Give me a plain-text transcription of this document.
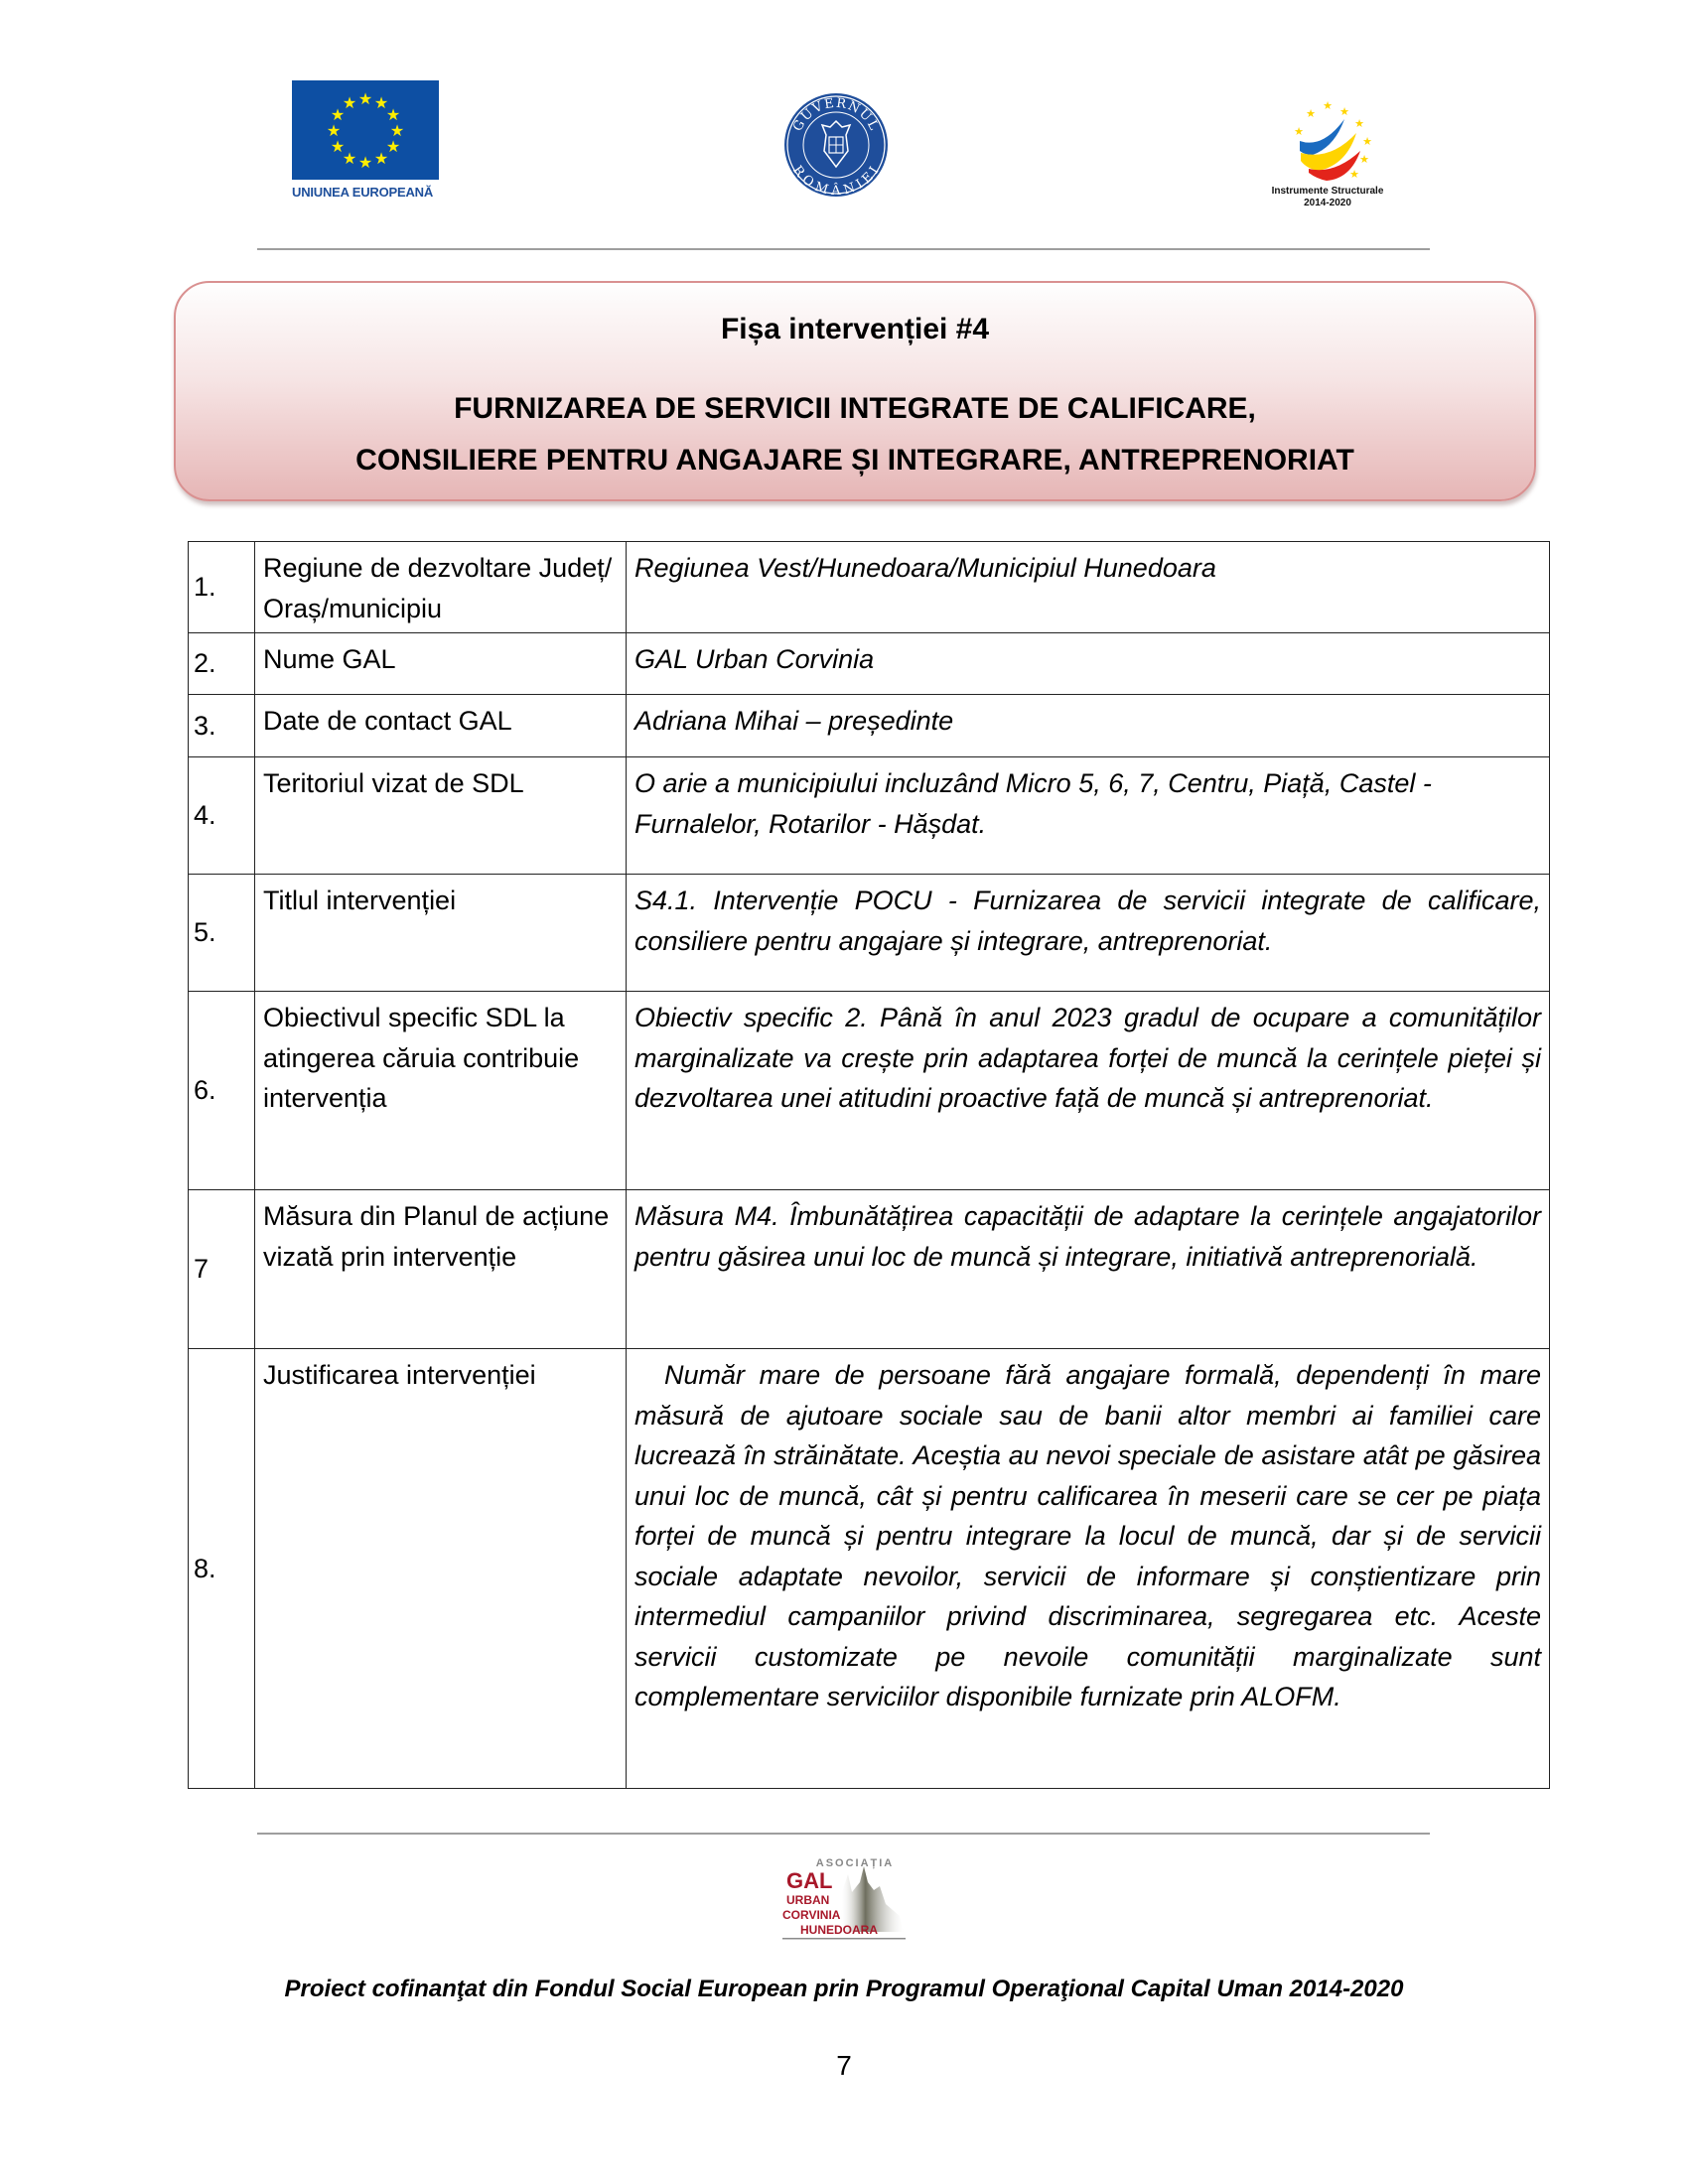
★ ★
★
★
★
★
★
★
★
★
★
★
UNIUNEA EUROPEANĂ
GUVERNUL
ROMÂNIEI
★
★
★ ★
★
★
★
★
Instrumente Structurale
2014-2020
Fișa intervenției #4
FURNIZAREA DE SERVICII INTEGRATE DE CALIFICARE,
CONSILIERE PENTRU ANGAJARE ȘI INTEGRARE, ANTREPRENORIAT
1.	Regiune de dezvoltare Județ/ Oraș/municipiu	Regiunea Vest/Hunedoara/Municipiul Hunedoara
2.	Nume GAL	GAL Urban Corvinia
3.	Date de contact GAL	Adriana Mihai – președinte
4.	Teritoriul vizat de SDL	O arie a municipiului incluzând Micro 5, 6, 7, Centru, Piață, Castel - Furnalelor, Rotarilor - Hășdat.
5.	Titlul intervenției	S4.1. Intervenție POCU - Furnizarea de servicii integrate de calificare, consiliere pentru angajare și integrare, antreprenoriat.
6.	Obiectivul specific SDL la atingerea căruia contribuie intervenția	Obiectiv specific 2. Până în anul 2023 gradul de ocupare a comunităților marginalizate va crește prin adaptarea forței de muncă la cerințele pieței și dezvoltarea unei atitudini proactive față de muncă și antreprenoriat.
7	Măsura din Planul de acțiune vizată prin intervenție	Măsura M4. Îmbunătățirea capacității de adaptare la cerințele angajatorilor pentru găsirea unui loc de muncă și integrare, initiativă antreprenorială.
8.	Justificarea intervenției	Număr mare de persoane fără angajare formală, dependenți în mare măsură de ajutoare sociale sau de banii altor membri ai familiei care lucrează în străinătate. Aceștia au nevoi speciale de asistare atât pe găsirea unui loc de muncă, cât și pentru calificarea în meserii care se cer pe piața forței de muncă și pentru integrare la locul de muncă, dar și de servicii sociale adaptate nevoilor, servicii de informare și conștientizare prin intermediul campaniilor privind discriminarea, segregarea etc. Aceste servicii customizate pe nevoile comunității marginalizate sunt complementare serviciilor disponibile furnizate prin ALOFM.
ASOCIAȚIA
GAL
URBAN
CORVINIA
HUNEDOARA
Proiect cofinanţat din Fondul Social European prin Programul Operaţional Capital Uman 2014-2020
7
